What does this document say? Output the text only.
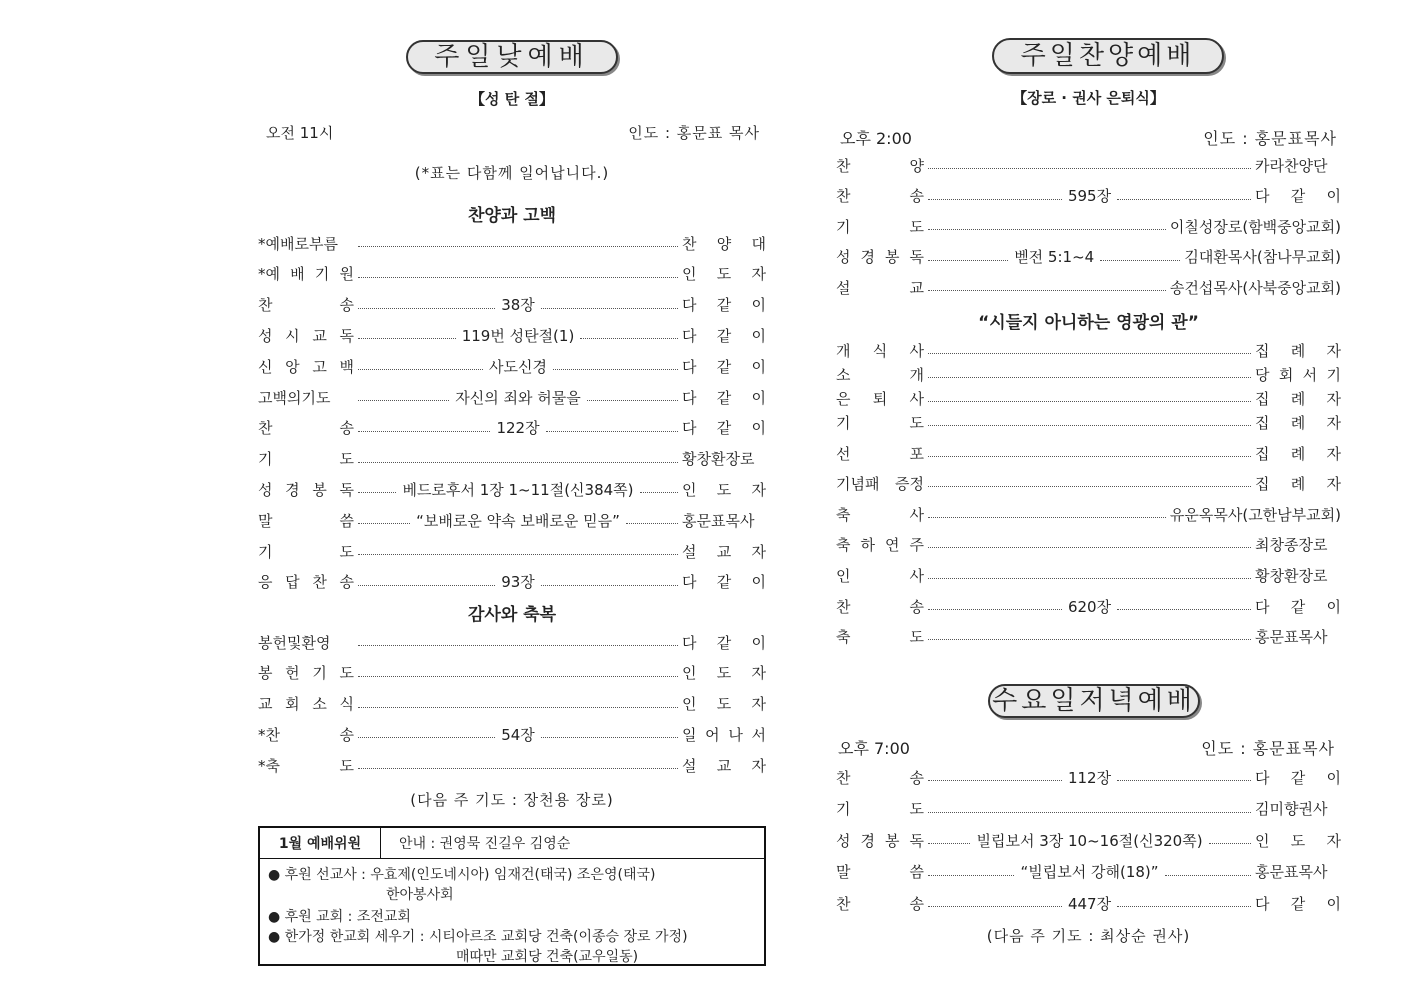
주일낮예배
【성 탄 절】
오전 11시	인도 : 홍문표 목사
(*표는 다함께 일어납니다.)
찬양과 고백
*예배로부름	찬 양 대
*예 배 기 원	인 도 자
찬 송	38장	다 같 이
성 시 교 독	119번 성탄절(1)	다 같 이
신 앙 고 백	사도신경	다 같 이
고백의기도	자신의 죄와 허물을	다 같 이
찬 송	122장	다 같 이
기 도	황창환장로
성 경 봉 독	베드로후서 1장 1~11절(신384쪽)	인 도 자
말 씀	“보배로운 약속 보배로운 믿음”	홍문표목사
기 도	설 교 자
응 답 찬 송	93장	다 같 이
감사와 축복
봉헌및환영	다 같 이
봉 헌 기 도	인 도 자
교 회 소 식	인 도 자
*찬 송	54장	일 어 나 서
*축 도	설 교 자
(다음 주 기도 : 장천용 장로)
1월 예배위원	안내 : 권영묵 진길우 김영순
● 후원 선교사 : 우효제(인도네시아) 임재건(태국) 조은영(태국)
한아봉사회
● 후원 교회 : 조전교회
● 한가정 한교회 세우기 : 시티아르조 교회당 건축(이종승 장로 가정)
매따만 교회당 건축(교우일동)
주일찬양예배
【장로 · 권사 은퇴식】
오후 2:00	인도 : 홍문표목사
찬 양	카라찬양단
찬 송	595장	다 같 이
기 도	이칠성장로(함백중앙교회)
성 경 봉 독	벧전 5:1~4	김대환목사(참나무교회)
설 교	송건섭목사(사북중앙교회)
“시들지 아니하는 영광의 관”
개 식 사	집 례 자
소 개	당 회 서 기
은 퇴 사	집 례 자
기 도	집 례 자
선 포	집 례 자
기념패 증정	집 례 자
축 사	유운옥목사(고한남부교회)
축 하 연 주	최창종장로
인 사	황창환장로
찬 송	620장	다 같 이
축 도	홍문표목사
수요일저녁예배
오후 7:00	인도 : 홍문표목사
찬 송	112장	다 같 이
기 도	김미향권사
성 경 봉 독	빌립보서 3장 10~16절(신320쪽)	인 도 자
말 씀	“빌립보서 강해(18)”	홍문표목사
찬 송	447장	다 같 이
(다음 주 기도 : 최상순 권사)
